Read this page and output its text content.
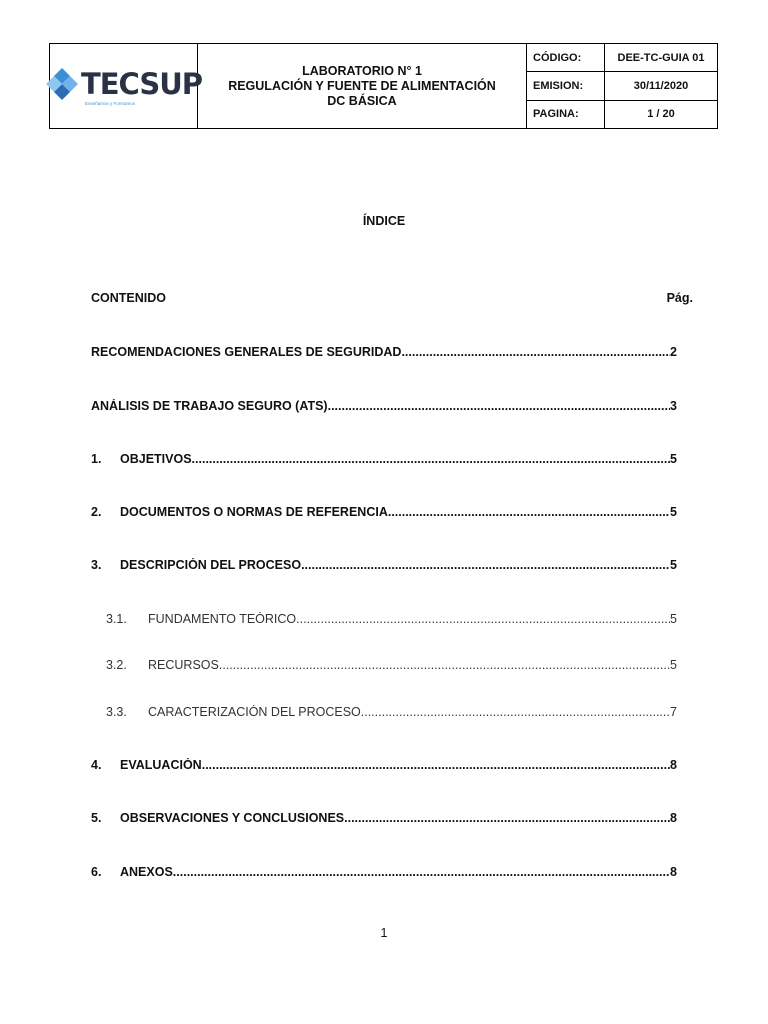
TECSUP
Enseñamos y Formamos
LABORATORIO N° 1
REGULACIÓN Y FUENTE DE ALIMENTACIÓN
DC BÁSICA
CÓDIGO:	DEE-TC-GUIA 01
EMISION:	30/11/2020
PAGINA:	1 / 20
ÍNDICE
CONTENIDO	Pág.
RECOMENDACIONES GENERALES DE SEGURIDAD .....	2
ANÁLISIS DE TRABAJO SEGURO (ATS) .....	3
1.	OBJETIVOS .....	5
2.	DOCUMENTOS O NORMAS DE REFERENCIA .....	5
3.	DESCRIPCIÓN DEL PROCESO .....	5
3.1.	FUNDAMENTO TEÓRICO .....	5
3.2.	RECURSOS .....	5
3.3.	CARACTERIZACIÓN DEL PROCESO .....	7
4.	EVALUACIÓN .....	8
5.	OBSERVACIONES Y CONCLUSIONES .....	8
6.	ANEXOS .....	8
1
